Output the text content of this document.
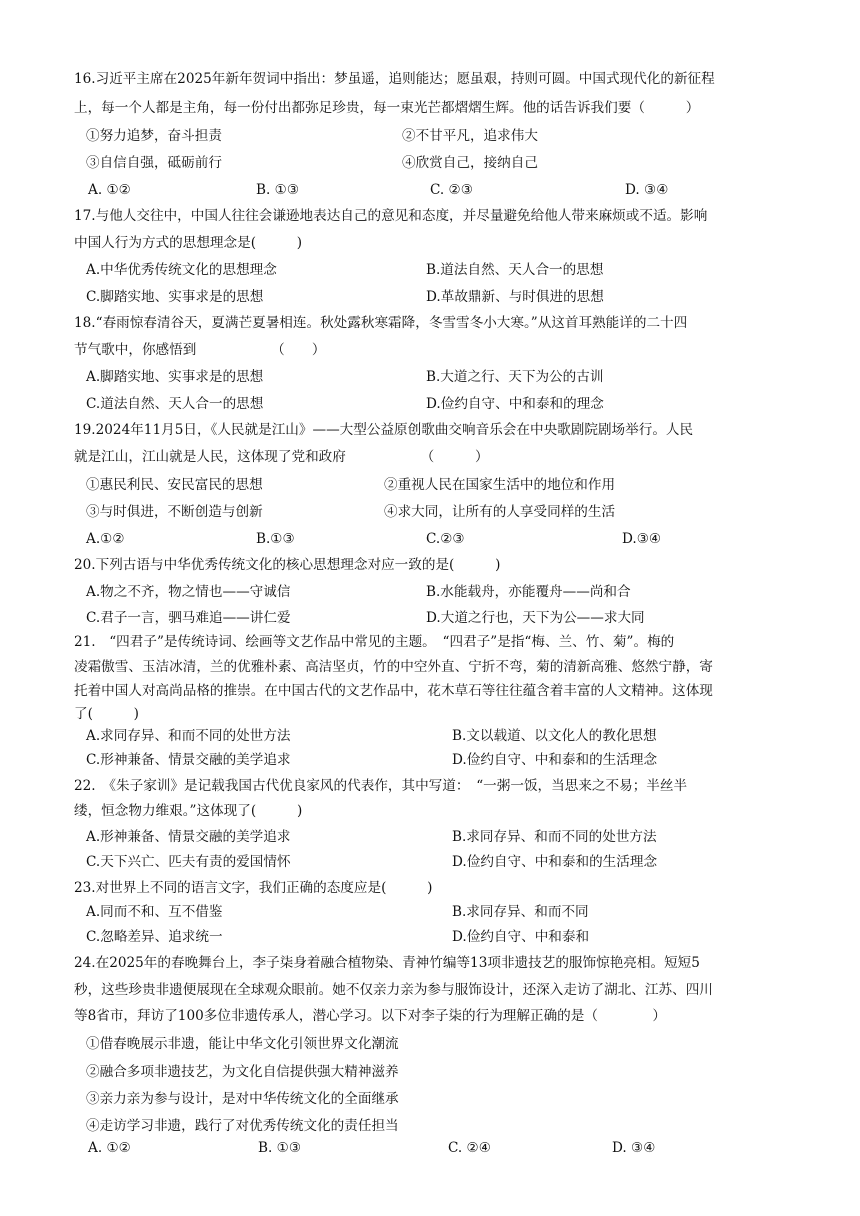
16.习近平主席在2025年新年贺词中指出：梦虽遥，追则能达；愿虽艰，持则可圆。中国式现代化的新征程
上，每一个人都是主角，每一份付出都弥足珍贵，每一束光芒都熠熠生辉。他的话告诉我们要（　　　）
①努力追梦，奋斗担责	②不甘平凡，追求伟大
③自信自强，砥砺前行	④欣赏自己，接纳自己
A. ①②	B. ①③	C. ②③	D. ③④
17.与他人交往中，中国人往往会谦逊地表达自己的意见和态度，并尽量避免给他人带来麻烦或不适。影响
中国人行为方式的思想理念是(　　　)
A.中华优秀传统文化的思想理念	B.道法自然、天人合一的思想
C.脚踏实地、实事求是的思想	D.革故鼎新、与时俱进的思想
18.“春雨惊春清谷天，夏满芒夏暑相连。秋处露秋寒霜降，冬雪雪冬小大寒。”从这首耳熟能详的二十四
节气歌中，你感悟到　　　　　　（　　）
A.脚踏实地、实事求是的思想	B.大道之行、天下为公的古训
C.道法自然、天人合一的思想	D.俭约自守、中和泰和的理念
19.2024年11月5日，《人民就是江山》——大型公益原创歌曲交响音乐会在中央歌剧院剧场举行。人民
就是江山，江山就是人民，这体现了党和政府　　　　　　（　　　）
①惠民利民、安民富民的思想	②重视人民在国家生活中的地位和作用
③与时俱进，不断创造与创新	④求大同，让所有的人享受同样的生活
A.①②	B.①③	C.②③	D.③④
20.下列古语与中华优秀传统文化的核心思想理念对应一致的是(　　　)
A.物之不齐，物之情也——守诚信	B.水能载舟，亦能覆舟——尚和合
C.君子一言，驷马难追——讲仁爱	D.大道之行也，天下为公——求大同
21.　“四君子”是传统诗词、绘画等文艺作品中常见的主题。　“四君子”是指“梅、兰、竹、菊”。梅的
凌霜傲雪、玉洁冰清，兰的优雅朴素、高洁坚贞，竹的中空外直、宁折不弯，菊的清新高雅、悠然宁静，寄
托着中国人对高尚品格的推崇。在中国古代的文艺作品中，花木草石等往往蕴含着丰富的人文精神。这体现
了(　　　)
A.求同存异、和而不同的处世方法	B.文以载道、以文化人的教化思想
C.形神兼备、情景交融的美学追求	D.俭约自守、中和泰和的生活理念
22.　《朱子家训》是记载我国古代优良家风的代表作，其中写道：　“一粥一饭，当思来之不易；半丝半
缕，恒念物力维艰。”这体现了(　　　)
A.形神兼备、情景交融的美学追求	B.求同存异、和而不同的处世方法
C.天下兴亡、匹夫有责的爱国情怀	D.俭约自守、中和泰和的生活理念
23.对世界上不同的语言文字，我们正确的态度应是(　　　)
A.同而不和、互不借鉴	B.求同存异、和而不同
C.忽略差异、追求统一	D.俭约自守、中和泰和
24.在2025年的春晚舞台上，李子柒身着融合植物染、青神竹编等13项非遗技艺的服饰惊艳亮相。短短5
秒，这些珍贵非遗便展现在全球观众眼前。她不仅亲力亲为参与服饰设计，还深入走访了湖北、江苏、四川
等8省市，拜访了100多位非遗传承人，潜心学习。以下对李子柒的行为理解正确的是（　　　　）
①借春晚展示非遗，能让中华文化引领世界文化潮流
②融合多项非遗技艺，为文化自信提供强大精神滋养
③亲力亲为参与设计，是对中华传统文化的全面继承
④走访学习非遗，践行了对优秀传统文化的责任担当
A. ①②	B. ①③	C. ②④	D. ③④
